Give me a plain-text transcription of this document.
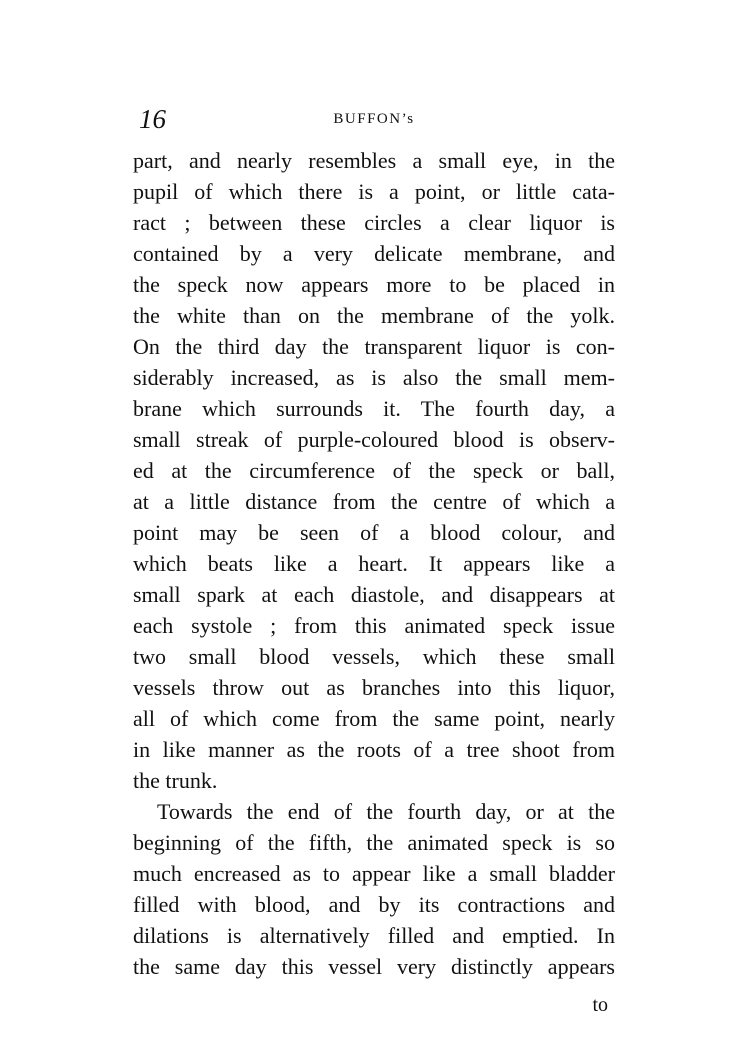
16	BUFFON’s
part, and nearly resembles a small eye, in the
pupil of which there is a point, or little cata-
ract ; between these circles a clear liquor is
contained by a very delicate membrane, and
the speck now appears more to be placed in
the white than on the membrane of the yolk.
On the third day the transparent liquor is con-
siderably increased, as is also the small mem-
brane which surrounds it. The fourth day, a
small streak of purple-coloured blood is observ-
ed at the circumference of the speck or ball,
at a little distance from the centre of which a
point may be seen of a blood colour, and
which beats like a heart. It appears like a
small spark at each diastole, and disappears at
each systole ; from this animated speck issue
two small blood vessels, which these small
vessels throw out as branches into this liquor,
all of which come from the same point, nearly
in like manner as the roots of a tree shoot from
the trunk.
Towards the end of the fourth day, or at the
beginning of the fifth, the animated speck is so
much encreased as to appear like a small bladder
filled with blood, and by its contractions and
dilations is alternatively filled and emptied. In
the same day this vessel very distinctly appears
to
